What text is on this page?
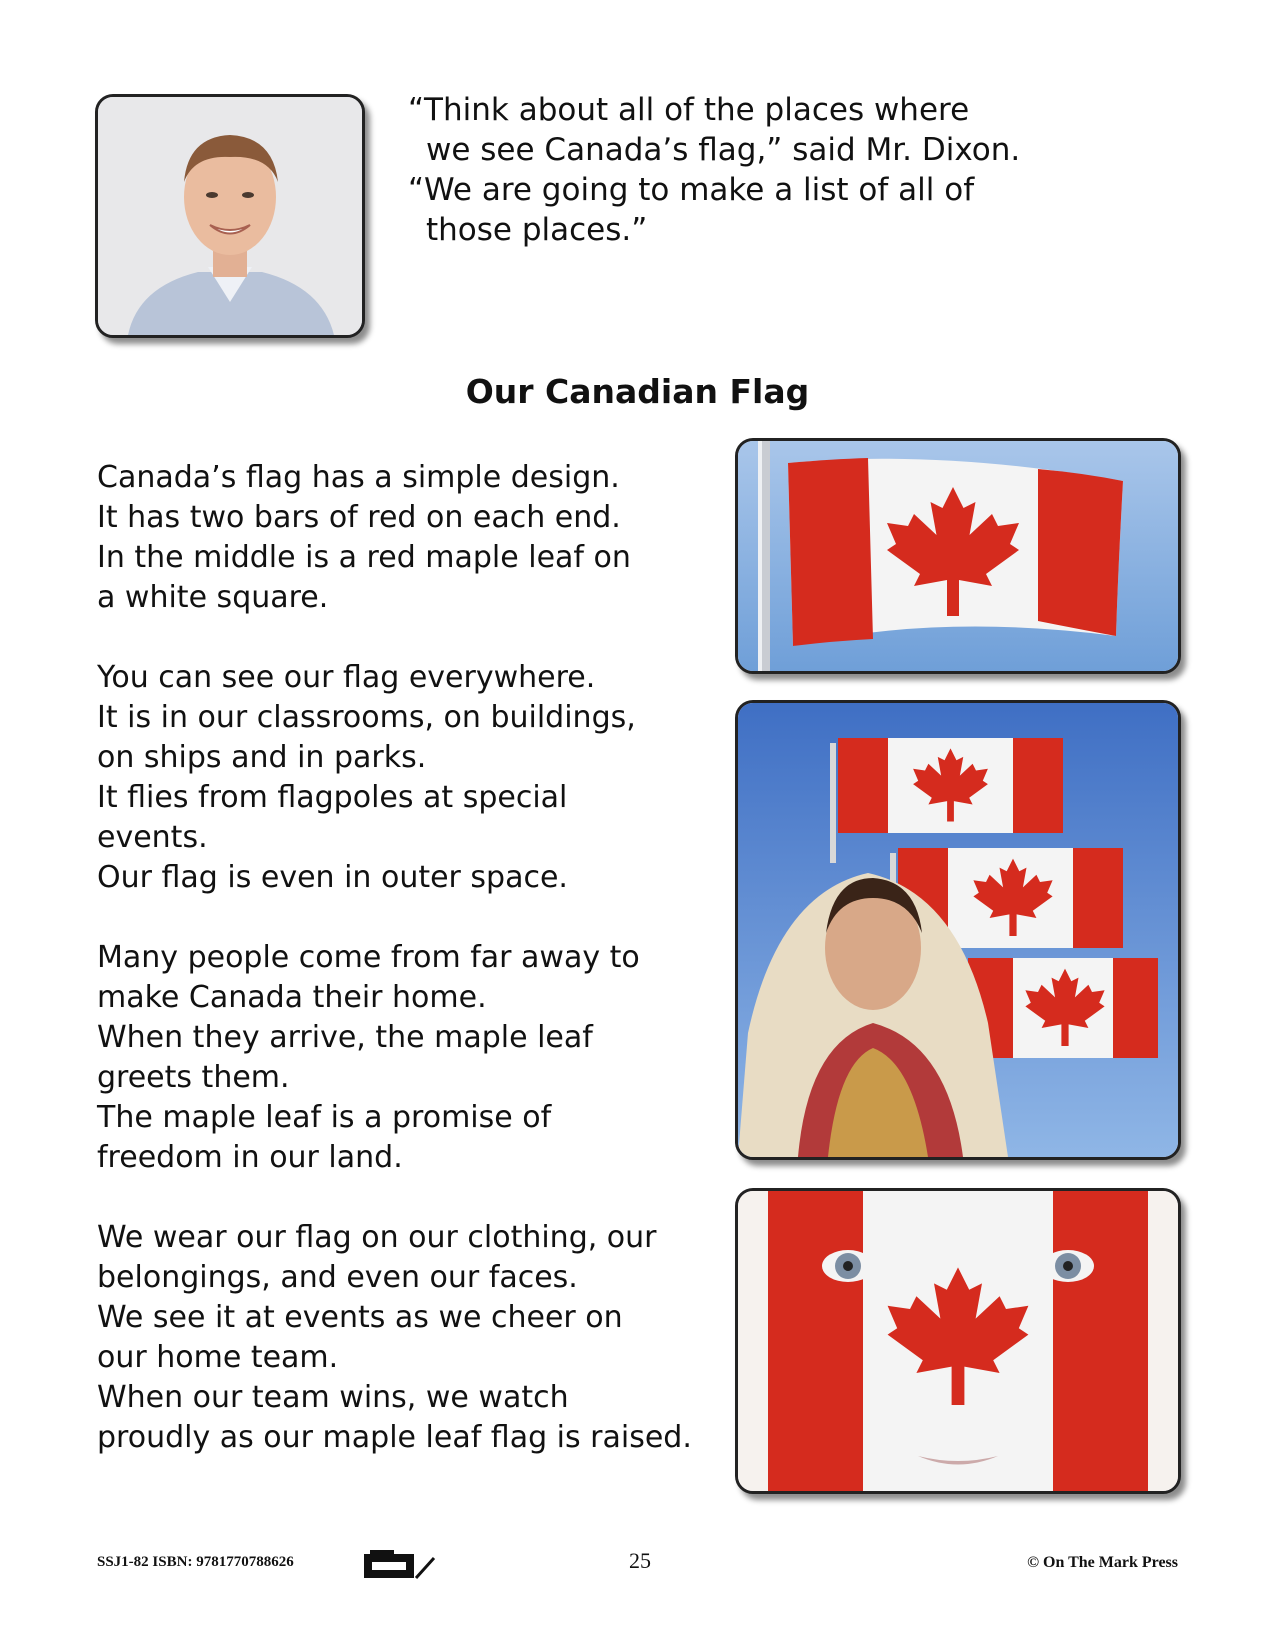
“Think about all of the places where

we see Canada’s flag,” said Mr. Dixon.

“We are going to make a list of all of

those places.”

Our Canadian Flag
Canada’s flag has a simple design.
It has two bars of red on each end.
In the middle is a red maple leaf on
a white square.
You can see our flag everywhere.
It is in our classrooms, on buildings,
on ships and in parks.
It flies from flagpoles at special
events.
Our flag is even in outer space.
Many people come from far away to
make Canada their home.
When they arrive, the maple leaf
greets them.
The maple leaf is a promise of
freedom in our land.
We wear our flag on our clothing, our
belongings, and even our faces.
We see it at events as we cheer on
our home team.
When our team wins, we watch
proudly as our maple leaf flag is raised.
SSJ1-82 ISBN: 9781770788626	25	© On The Mark Press
